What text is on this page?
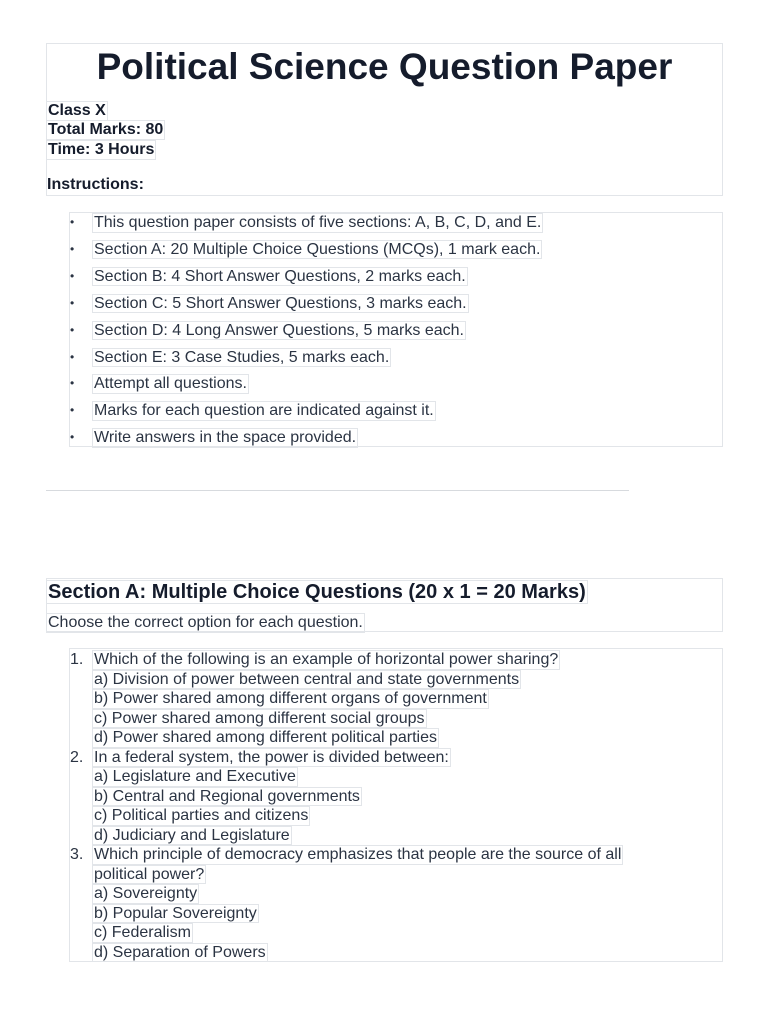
Political Science Question Paper
Class X
Total Marks: 80
Time: 3 Hours
Instructions:
• This question paper consists of five sections: A, B, C, D, and E.
• Section A: 20 Multiple Choice Questions (MCQs), 1 mark each.
• Section B: 4 Short Answer Questions, 2 marks each.
• Section C: 5 Short Answer Questions, 3 marks each.
• Section D: 4 Long Answer Questions, 5 marks each.
• Section E: 3 Case Studies, 5 marks each.
• Attempt all questions.
• Marks for each question are indicated against it.
• Write answers in the space provided.
Section A: Multiple Choice Questions (20 x 1 = 20 Marks)

Choose the correct option for each question.

1. Which of the following is an example of horizontal power sharing?
a) Division of power between central and state governments
b) Power shared among different organs of government
c) Power shared among different social groups
d) Power shared among different political parties
2. In a federal system, the power is divided between:
a) Legislature and Executive
b) Central and Regional governments
c) Political parties and citizens
d) Judiciary and Legislature
3. Which principle of democracy emphasizes that people are the source of all
political power?
a) Sovereignty
b) Popular Sovereignty
c) Federalism
d) Separation of Powers
